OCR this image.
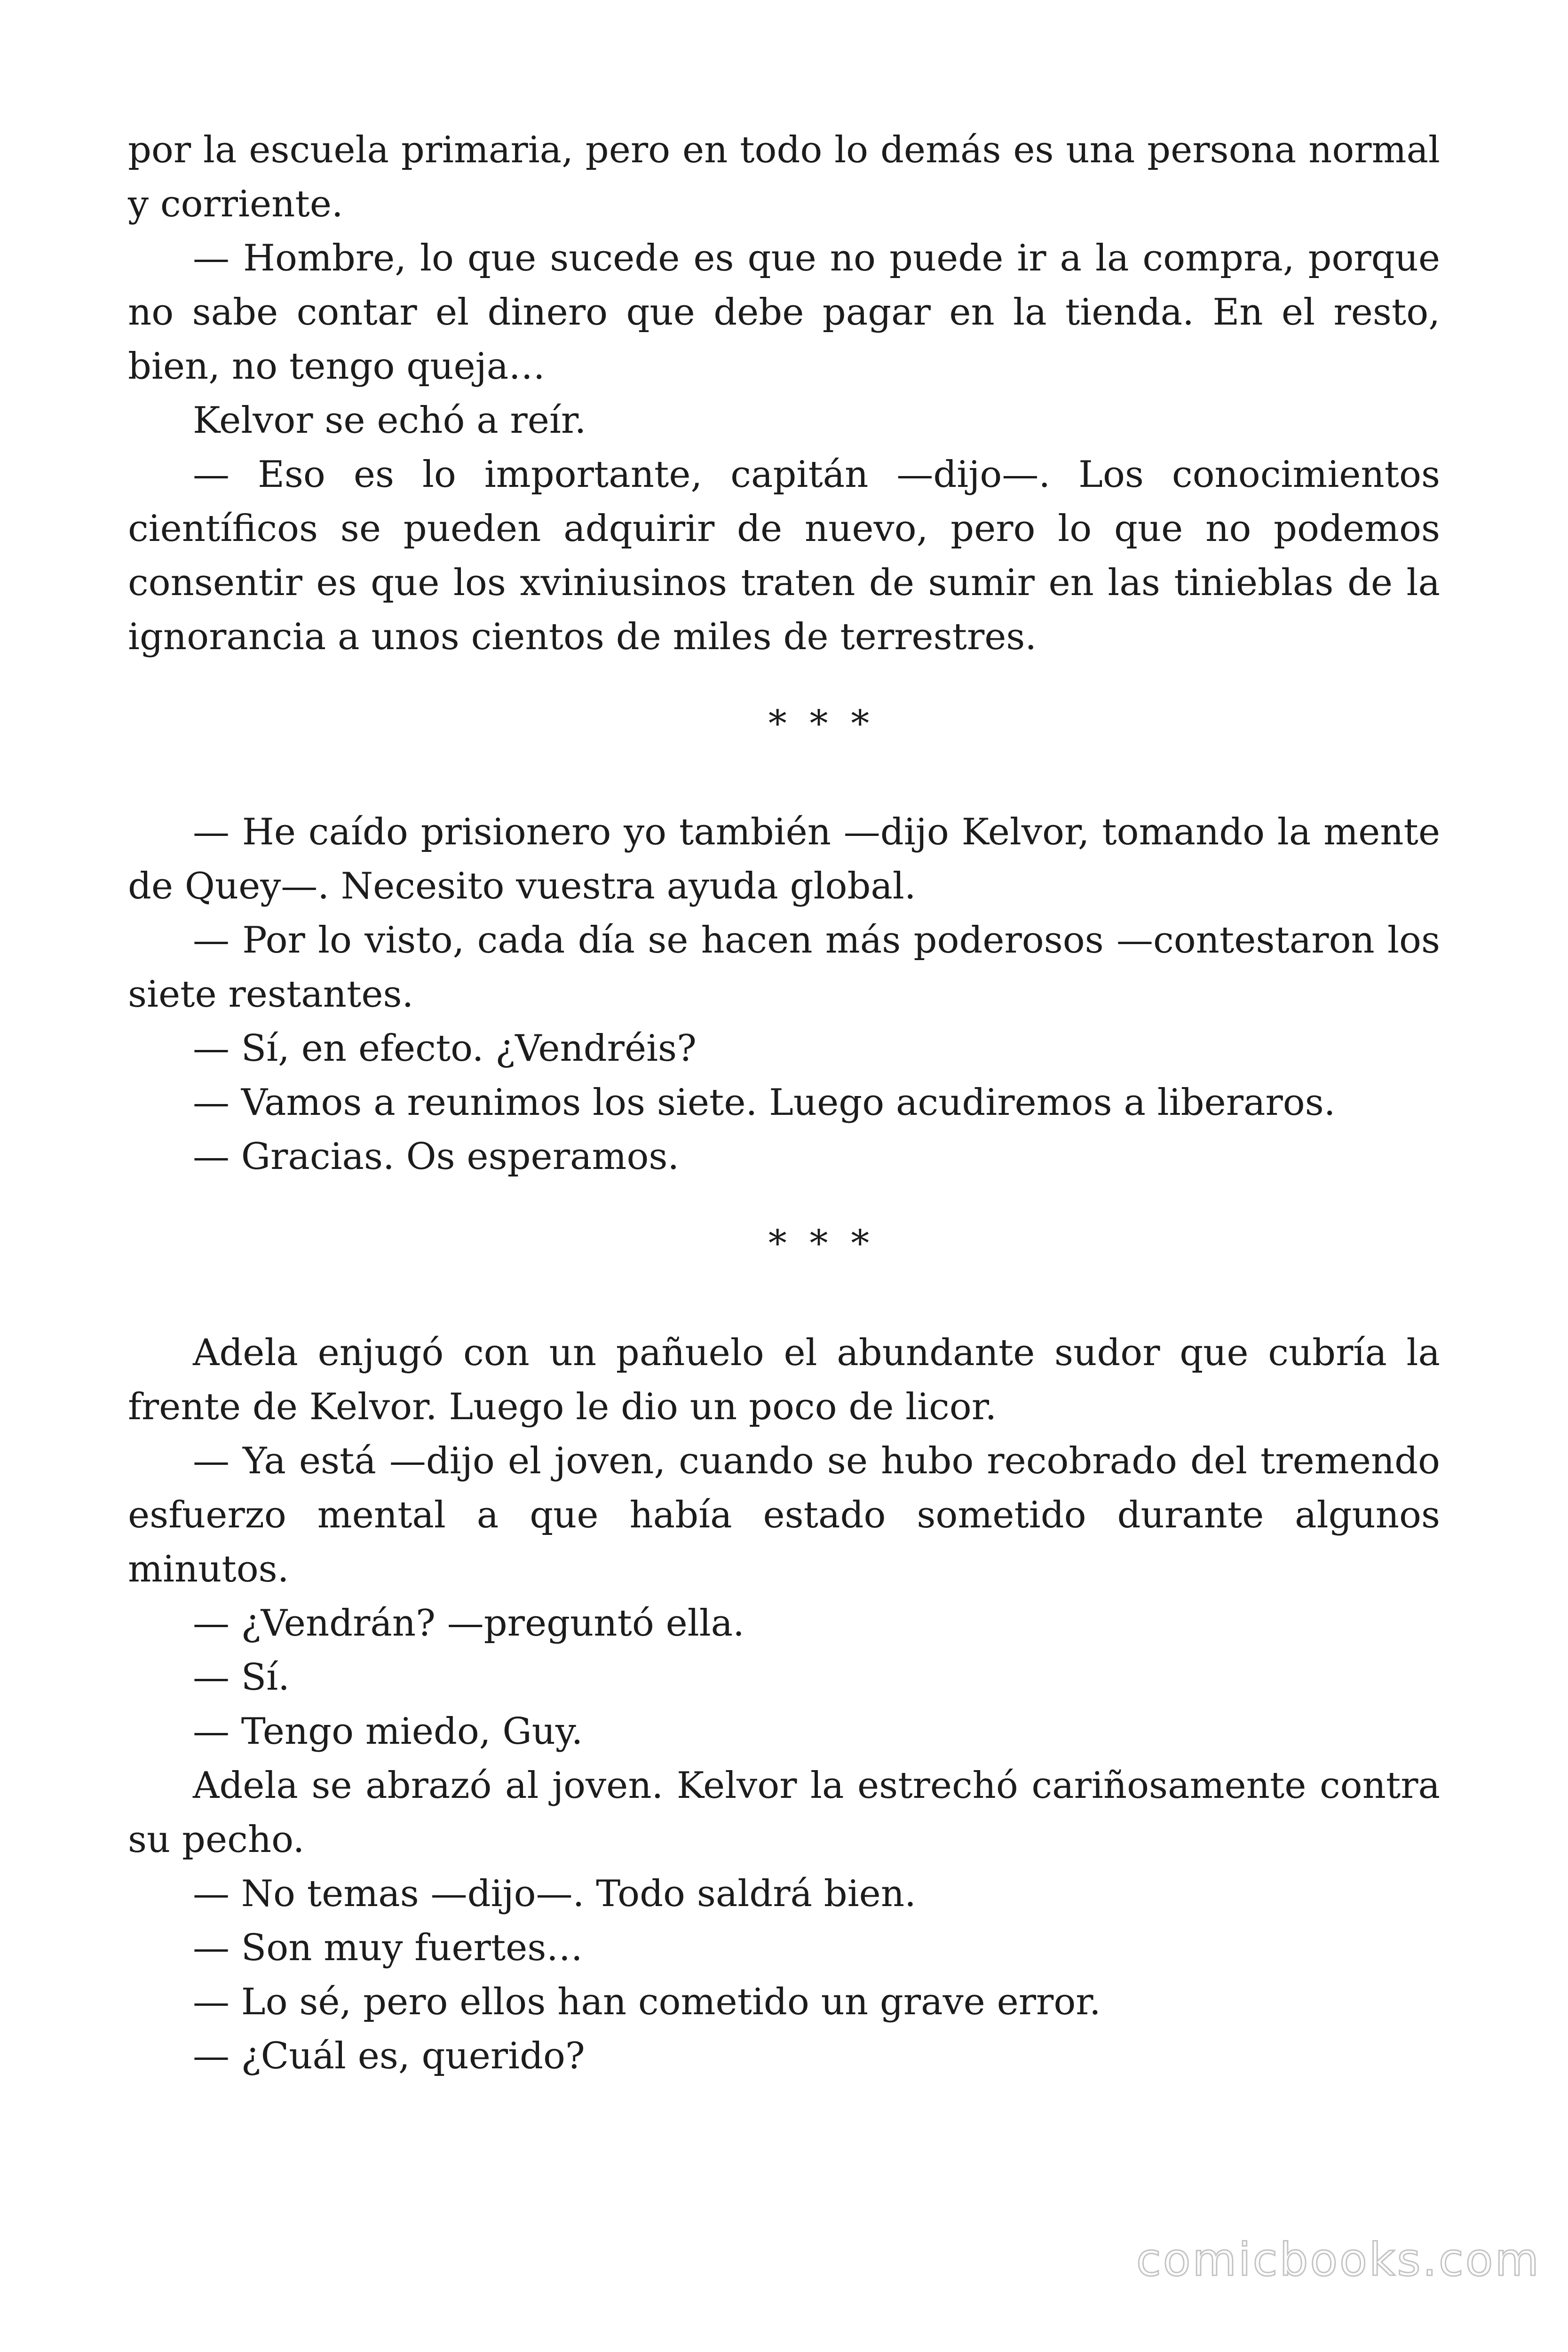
por la escuela primaria, pero en todo lo demás es una persona normal y corriente.

— Hombre, lo que sucede es que no puede ir a la compra, porque no sabe contar el dinero que debe pagar en la tienda. En el resto, bien, no tengo queja…

Kelvor se echó a reír.

— Eso es lo importante, capitán —dijo—. Los conocimientos científicos se pueden adquirir de nuevo, pero lo que no podemos consentir es que los xviniusinos traten de sumir en las tinieblas de la ignorancia a unos cientos de miles de terrestres.

* * *

— He caído prisionero yo también —dijo Kelvor, tomando la mente de Quey—. Necesito vuestra ayuda global.

— Por lo visto, cada día se hacen más poderosos —contestaron los siete restantes.

— Sí, en efecto. ¿Vendréis?

— Vamos a reunimos los siete. Luego acudiremos a liberaros.

— Gracias. Os esperamos.

* * *

Adela enjugó con un pañuelo el abundante sudor que cubría la frente de Kelvor. Luego le dio un poco de licor.

— Ya está —dijo el joven, cuando se hubo recobrado del tremendo esfuerzo mental a que había estado sometido durante algunos minutos.

— ¿Vendrán? —preguntó ella.

— Sí.

— Tengo miedo, Guy.

Adela se abrazó al joven. Kelvor la estrechó cariñosamente contra su pecho.

— No temas —dijo—. Todo saldrá bien.

— Son muy fuertes…

— Lo sé, pero ellos han cometido un grave error.

— ¿Cuál es, querido?

comicbooks.com
